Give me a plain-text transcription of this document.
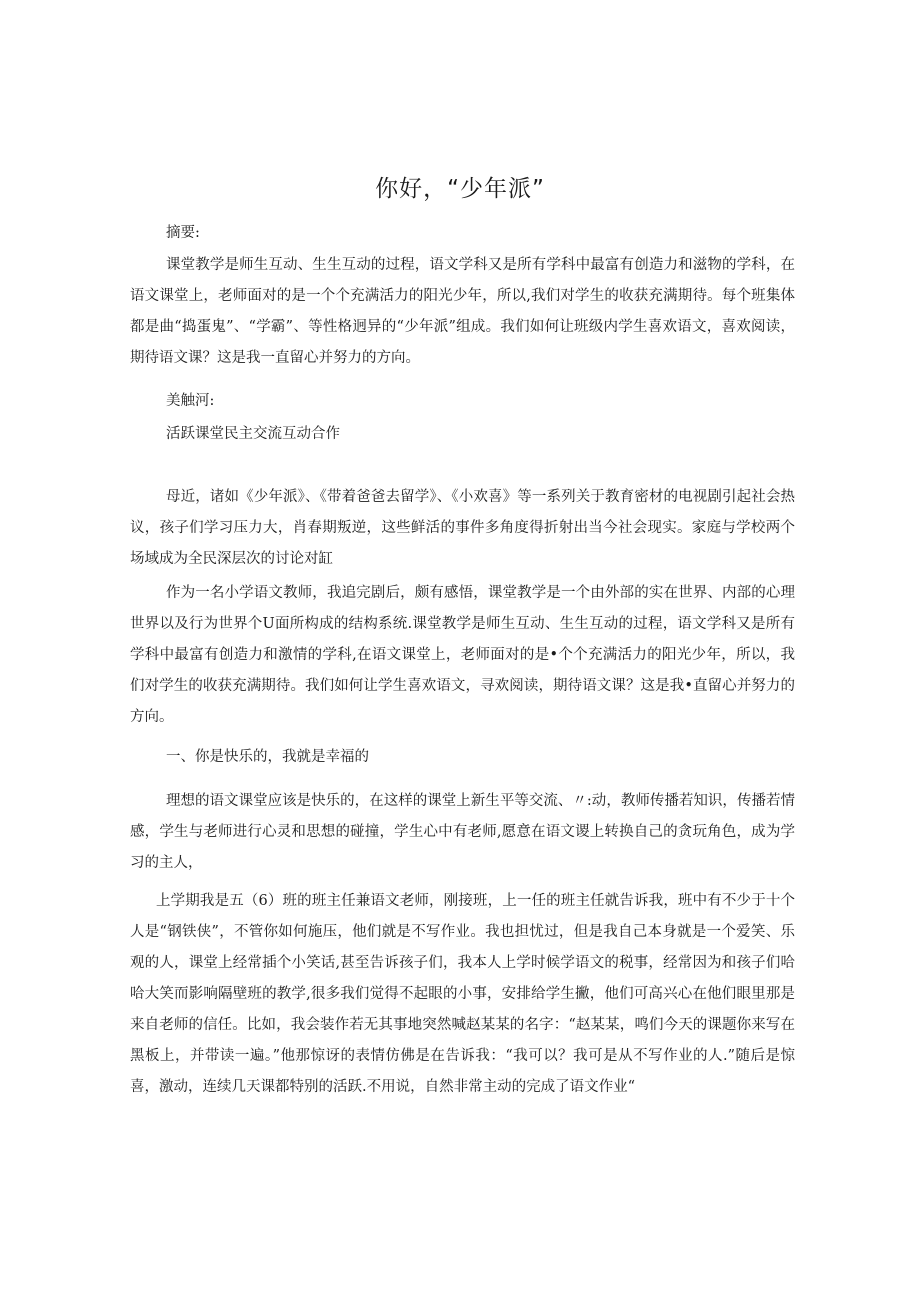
你好，“少年派”

摘要:

课堂教学是师生互动、生生互动的过程，语文学科又是所有学科中最富有创造力和滋物的学科，在语文课堂上，老师面对的是一个个充满活力的阳光少年，所以,我们对学生的收获充满期待。每个班集体都是曲“捣蛋鬼”、“学霸”、等性格迥异的“少年派”组成。我们如何让班级内学生喜欢语文，喜欢阅读，期待语文课？这是我一直留心并努力的方向。

美触河:

活跃课堂民主交流互动合作

母近，诸如《少年派》、《带着爸爸去留学》、《小欢喜》等一系列关于教育密材的电视剧引起社会热议，孩子们学习压力大，肖春期叛逆，这些鲜活的事件多角度得折射出当今社会现实。家庭与学校两个场域成为全民深层次的讨论对缸

作为一名小学语文教师，我追完剧后，颇有感悟，课堂教学是一个由外部的实在世界、内部的心理世界以及行为世界个U面所构成的结构系统.课堂教学是师生互动、生生互动的过程，语文学科又是所有学科中最富有创造力和激情的学科,在语文课堂上，老师面对的是•个个充满活力的阳光少年，所以，我们对学生的收获充满期待。我们如何让学生喜欢语文，寻欢阅读，期待语文课？这是我•直留心并努力的方向。

一、你是快乐的，我就是幸福的

理想的语文课堂应该是快乐的，在这样的课堂上新生平等交流、〃:动，教师传播若知识，传播若情感，学生与老师进行心灵和思想的碰撞，学生心中有老师,愿意在语文谡上转换自己的贪玩角色，成为学习的主人，

上学期我是五（6）班的班主任兼语文老师，刚接班，上一任的班主任就告诉我，班中有不少于十个人是“钢铁侠”，不管你如何施压，他们就是不写作业。我也担忧过，但是我自己本身就是一个爱笑、乐观的人，课堂上经常插个小笑话,甚至告诉孩子们，我本人上学时候学语文的税事，经常因为和孩子们哈哈大笑而影响隔壁班的教学,很多我们觉得不起眼的小事，安排给学生撇，他们可高兴心在他们眼里那是来自老师的信任。比如，我会装作若无其事地突然喊赵某某的名字：“赵某某，鸣们今天的课题你来写在黑板上，并带读一遍。”他那惊讶的表情仿佛是在告诉我：“我可以？我可是从不写作业的人.”随后是惊喜，激动，连续几天课都特别的活跃.不用说，自然非常主动的完成了语文作业“
